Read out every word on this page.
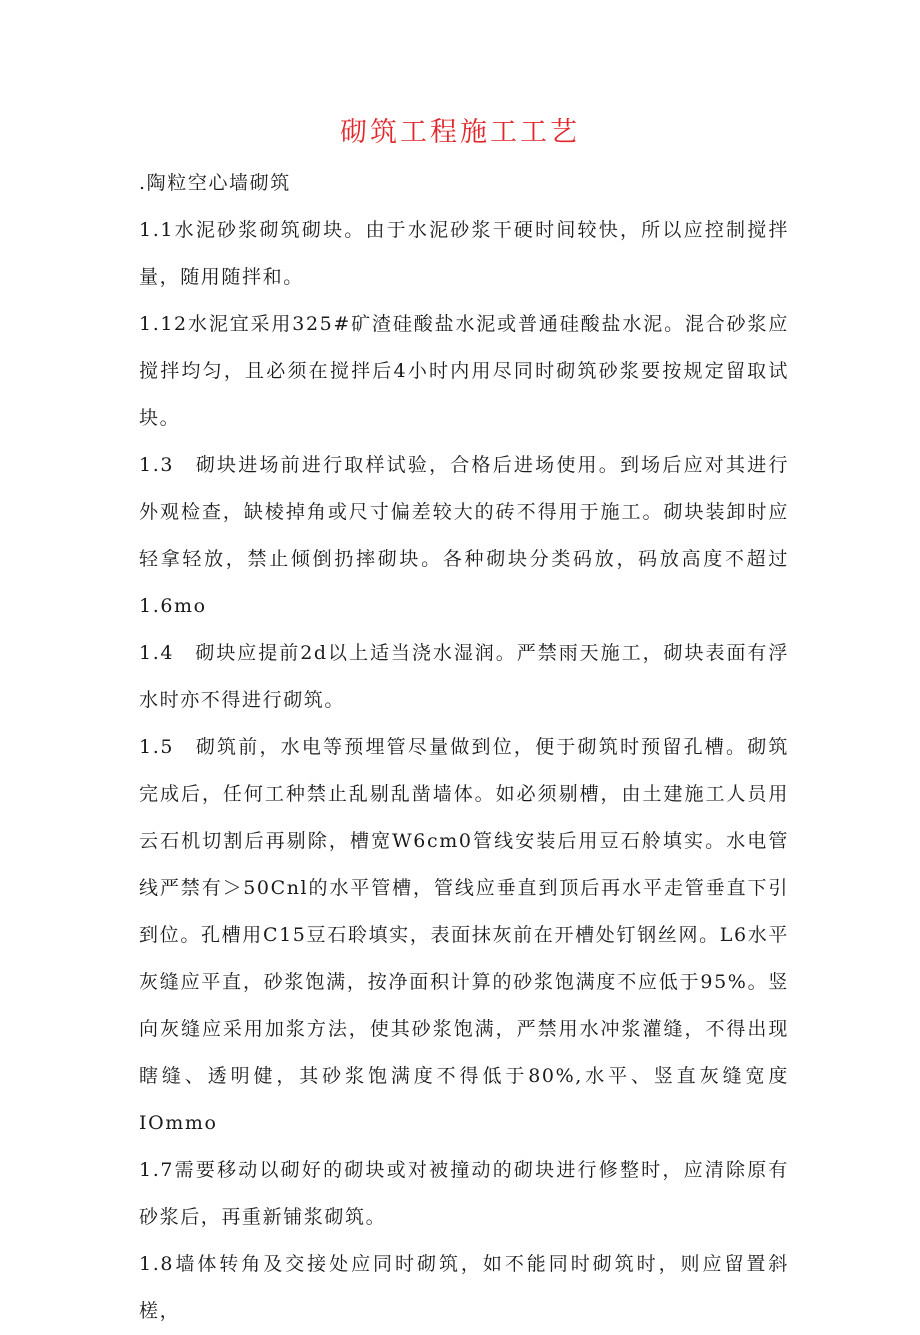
砌筑工程施工工艺

.陶粒空心墙砌筑

1.1水泥砂浆砌筑砌块。由于水泥砂浆干硬时间较快，所以应控制搅拌量，随用随拌和。

1.12水泥宜采用325#矿渣硅酸盐水泥或普通硅酸盐水泥。混合砂浆应搅拌均匀，且必须在搅拌后4小时内用尽同时砌筑砂浆要按规定留取试块。

1.3　砌块进场前进行取样试验，合格后进场使用。到场后应对其进行外观检查，缺棱掉角或尺寸偏差较大的砖不得用于施工。砌块装卸时应轻拿轻放，禁止倾倒扔摔砌块。各种砌块分类码放，码放高度不超过1.6mo

1.4　砌块应提前2d以上适当浇水湿润。严禁雨天施工，砌块表面有浮水时亦不得进行砌筑。

1.5　砌筑前，水电等预埋管尽量做到位，便于砌筑时预留孔槽。砌筑完成后，任何工种禁止乱剔乱凿墙体。如必须剔槽，由土建施工人员用云石机切割后再剔除，槽宽W6cm0管线安装后用豆石舲填实。水电管线严禁有＞50Cnl的水平管槽，管线应垂直到顶后再水平走管垂直下引到位。孔槽用C15豆石聆填实，表面抹灰前在开槽处钉钢丝网。L6水平灰缝应平直，砂浆饱满，按净面积计算的砂浆饱满度不应低于95%。竖向灰缝应采用加浆方法，使其砂浆饱满，严禁用水冲浆灌缝，不得出现瞎缝、透明健，其砂浆饱满度不得低于80%,水平、竖直灰缝宽度IOmmo

1.7需要移动以砌好的砌块或对被撞动的砌块进行修整时，应清除原有砂浆后，再重新铺浆砌筑。

1.8墙体转角及交接处应同时砌筑，如不能同时砌筑时，则应留置斜槎，
